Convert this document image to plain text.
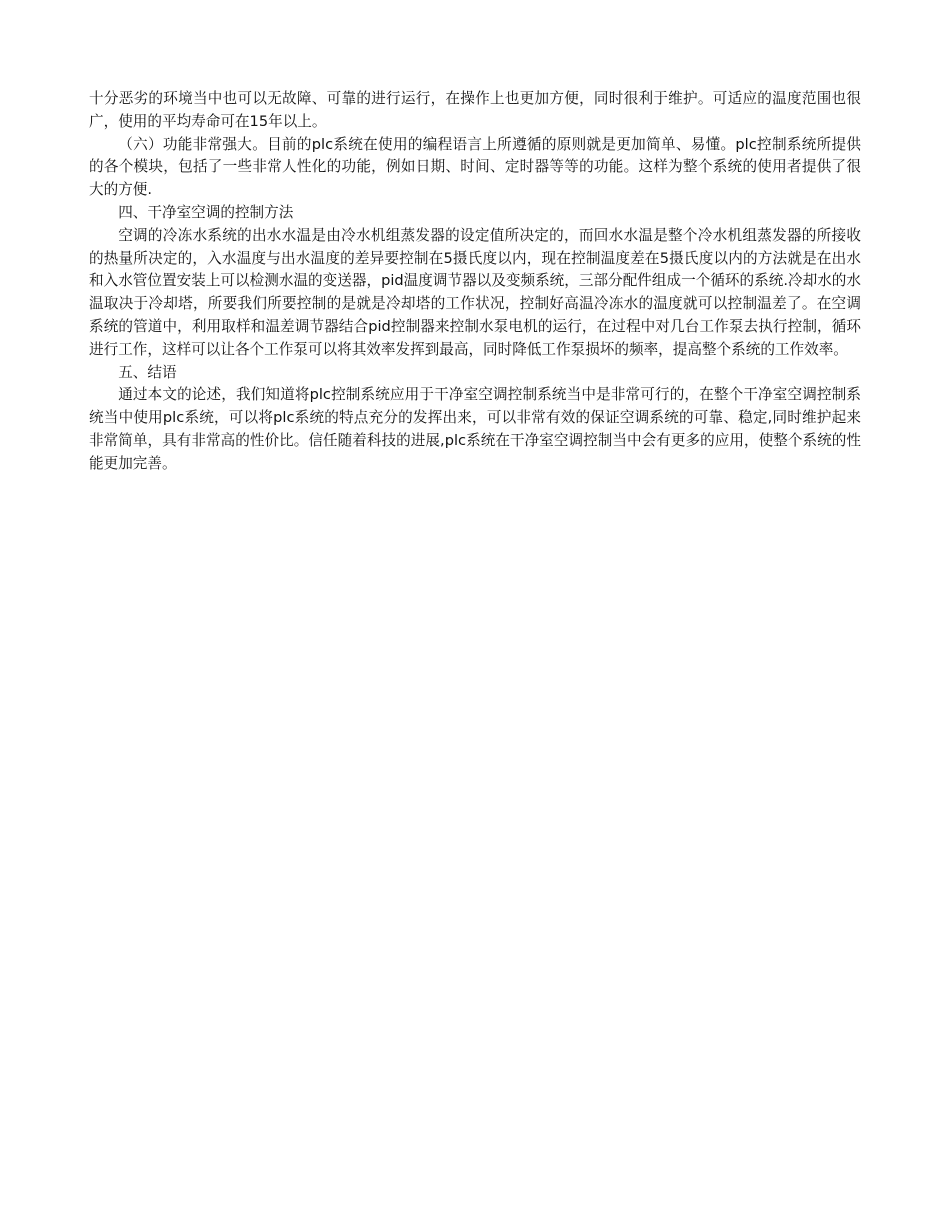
十分恶劣的环境当中也可以无故障、可靠的进行运行，在操作上也更加方便，同时很利于维护。可适应的温度范围也很广，使用的平均寿命可在15年以上。

（六）功能非常强大。目前的plc系统在使用的编程语言上所遵循的原则就是更加简单、易懂。plc控制系统所提供的各个模块，包括了一些非常人性化的功能，例如日期、时间、定时器等等的功能。这样为整个系统的使用者提供了很大的方便.

四、干净室空调的控制方法

空调的冷冻水系统的出水水温是由冷水机组蒸发器的设定值所决定的，而回水水温是整个冷水机组蒸发器的所接收的热量所决定的，入水温度与出水温度的差异要控制在5摄氏度以内，现在控制温度差在5摄氏度以内的方法就是在出水和入水管位置安装上可以检测水温的变送器，pid温度调节器以及变频系统，三部分配件组成一个循环的系统.冷却水的水温取决于冷却塔，所要我们所要控制的是就是冷却塔的工作状况，控制好高温冷冻水的温度就可以控制温差了。在空调系统的管道中，利用取样和温差调节器结合pid控制器来控制水泵电机的运行，在过程中对几台工作泵去执行控制，循环进行工作，这样可以让各个工作泵可以将其效率发挥到最高，同时降低工作泵损坏的频率，提高整个系统的工作效率。

五、结语

通过本文的论述，我们知道将plc控制系统应用于干净室空调控制系统当中是非常可行的，在整个干净室空调控制系统当中使用plc系统，可以将plc系统的特点充分的发挥出来，可以非常有效的保证空调系统的可靠、稳定,同时维护起来非常简单，具有非常高的性价比。信任随着科技的进展,plc系统在干净室空调控制当中会有更多的应用，使整个系统的性能更加完善。
